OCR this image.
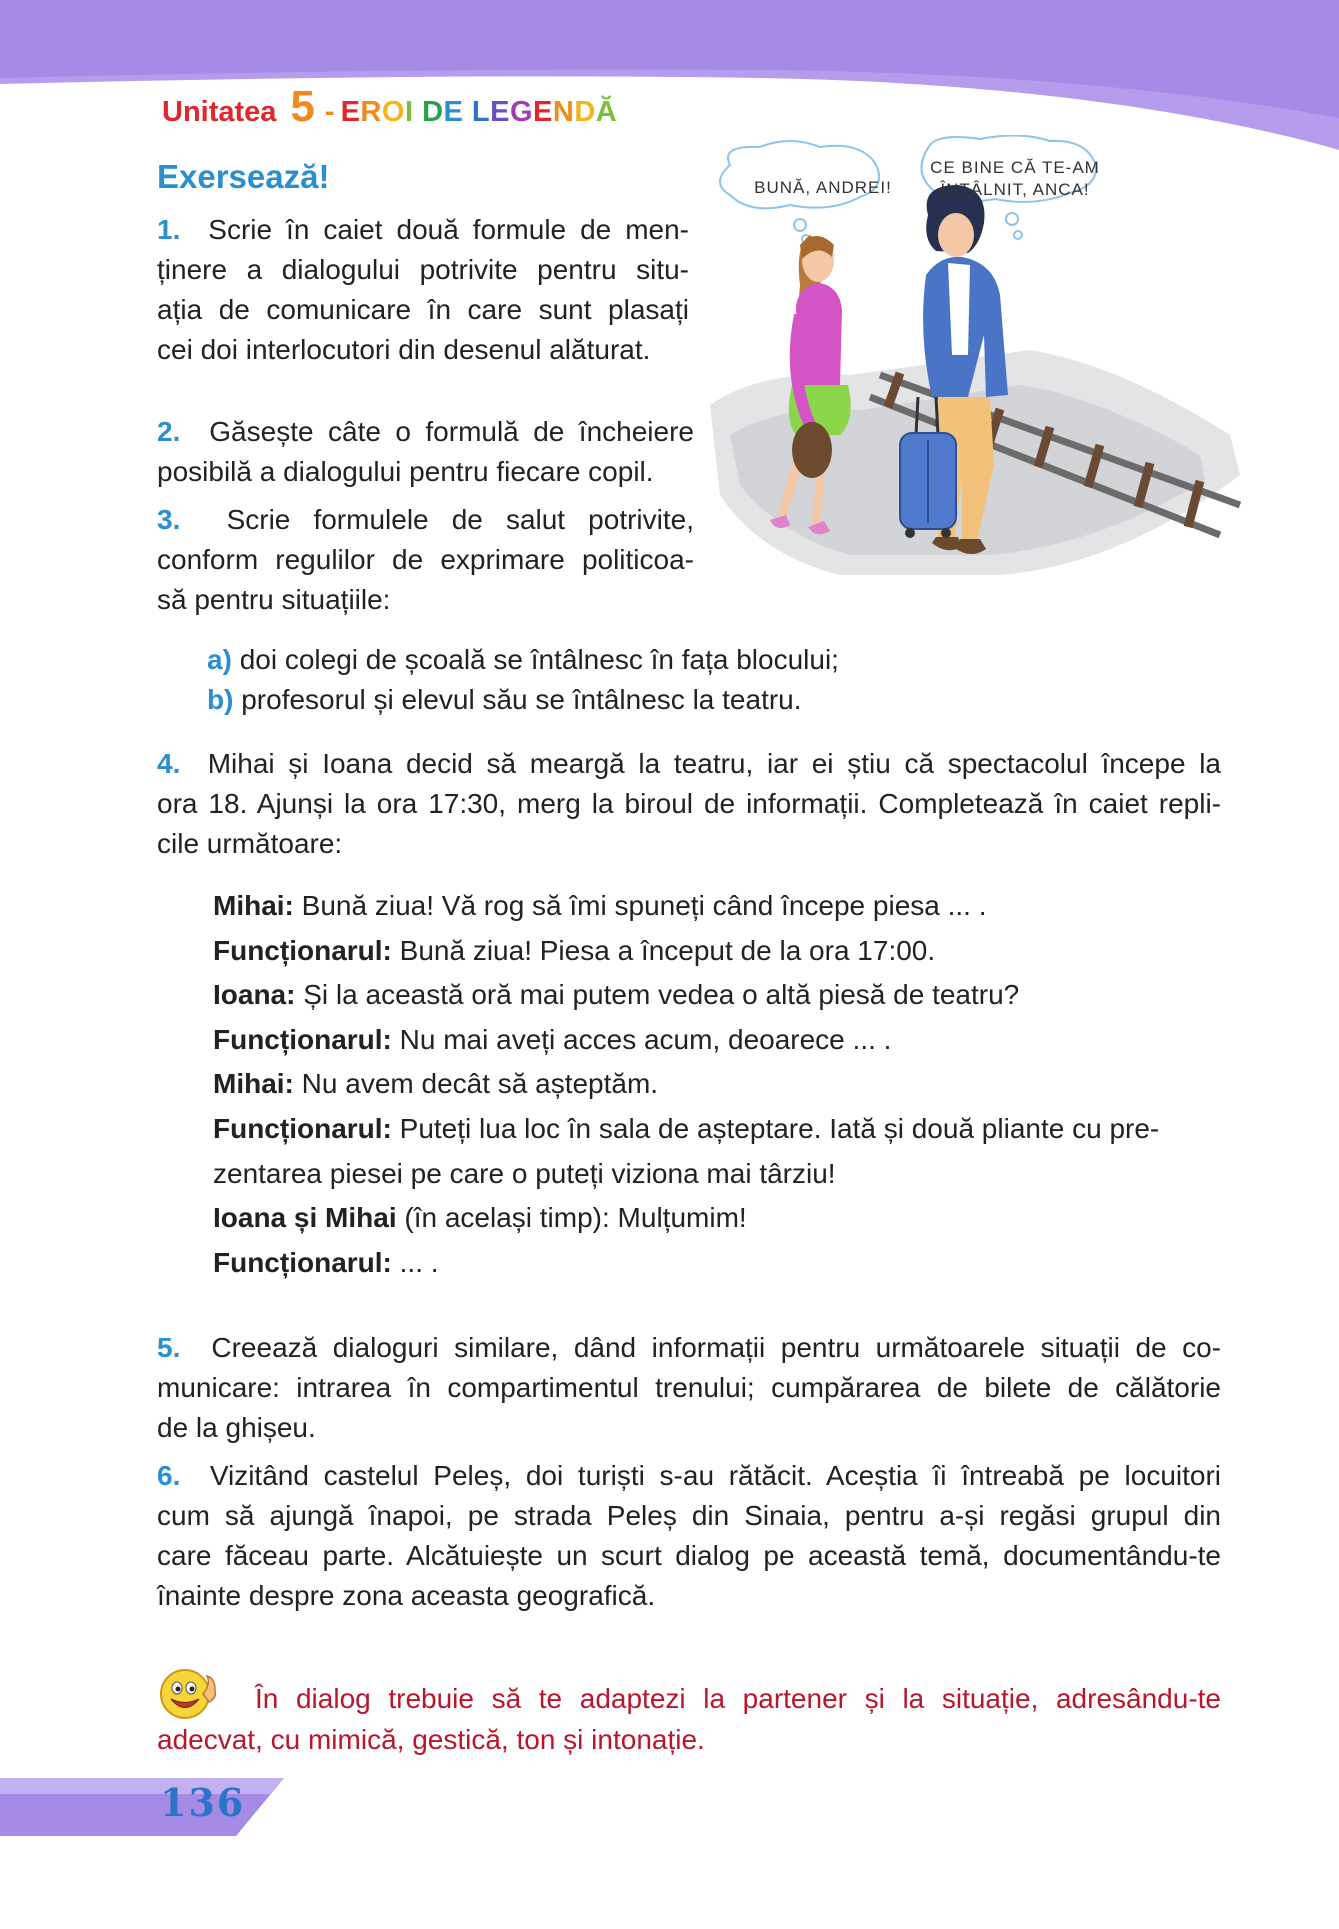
Unitatea 5 - EROI DE LEGENDĂ
Exersează!
1. Scrie în caiet două formule de men-
ținere a dialogului potrivite pentru situ-
ația de comunicare în care sunt plasați
cei doi interlocutori din desenul alăturat.
2. Găsește câte o formulă de încheiere
posibilă a dialogului pentru fiecare copil.
3. Scrie formulele de salut potrivite,
conform regulilor de exprimare politicoa-
să pentru situațiile:
a) doi colegi de școală se întâlnesc în fața blocului;
b) profesorul și elevul său se întâlnesc la teatru.
4. Mihai și Ioana decid să meargă la teatru, iar ei știu că spectacolul începe la
ora 18. Ajunși la ora 17:30, merg la biroul de informații. Completează în caiet repli-
cile următoare:
Mihai: Bună ziua! Vă rog să îmi spuneți când începe piesa ... .
Funcționarul: Bună ziua! Piesa a început de la ora 17:00.
Ioana: Și la această oră mai putem vedea o altă piesă de teatru?
Funcționarul: Nu mai aveți acces acum, deoarece ... .
Mihai: Nu avem decât să așteptăm.
Funcționarul: Puteți lua loc în sala de așteptare. Iată și două pliante cu pre-
zentarea piesei pe care o puteți viziona mai târziu!
Ioana și Mihai (în același timp): Mulțumim!
Funcționarul: ... .
5. Creează dialoguri similare, dând informații pentru următoarele situații de co-
municare: intrarea în compartimentul trenului; cumpărarea de bilete de călătorie
de la ghișeu.
6. Vizitând castelul Peleș, doi turiști s-au rătăcit. Aceștia îi întreabă pe locuitori
cum să ajungă înapoi, pe strada Peleș din Sinaia, pentru a-și regăsi grupul din
care făceau parte. Alcătuiește un scurt dialog pe această temă, documentându-te
înainte despre zona aceasta geografică.
În dialog trebuie să te adaptezi la partener și la situație, adresându-te
adecvat, cu mimică, gestică, ton și intonație.
136
BUNĂ, ANDREI!
CE BINE CĂ TE-AM
ÎNTÂLNIT, ANCA!
